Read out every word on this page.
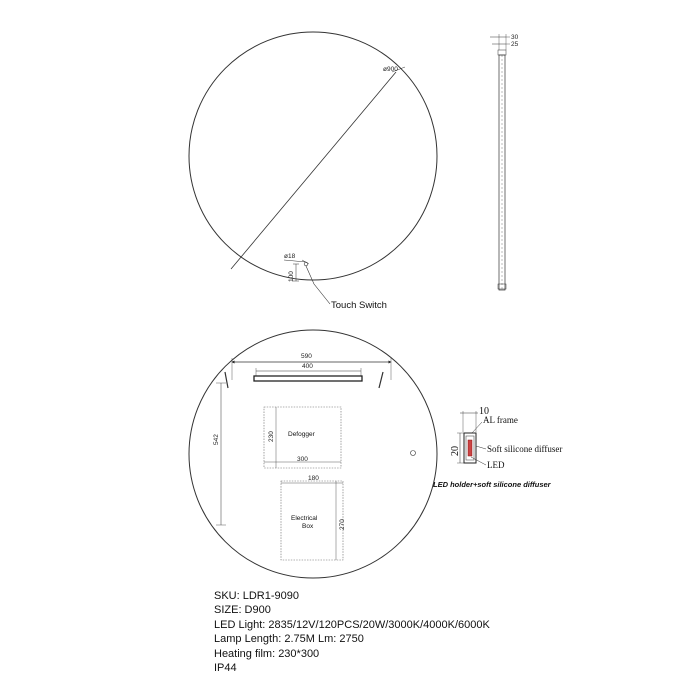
ø900
ø18
100
Touch Switch
30
25
590
400
542	Defogger
230
300
180
Electrical
Box	270
10
20
AL frame
Soft silicone diffuser
LED
LED holder+soft silicone diffuser
SKU: LDR1-9090
SIZE: D900
LED Light: 2835/12V/120PCS/20W/3000K/4000K/6000K
Lamp Length: 2.75M Lm: 2750
Heating film: 230*300
IP44
